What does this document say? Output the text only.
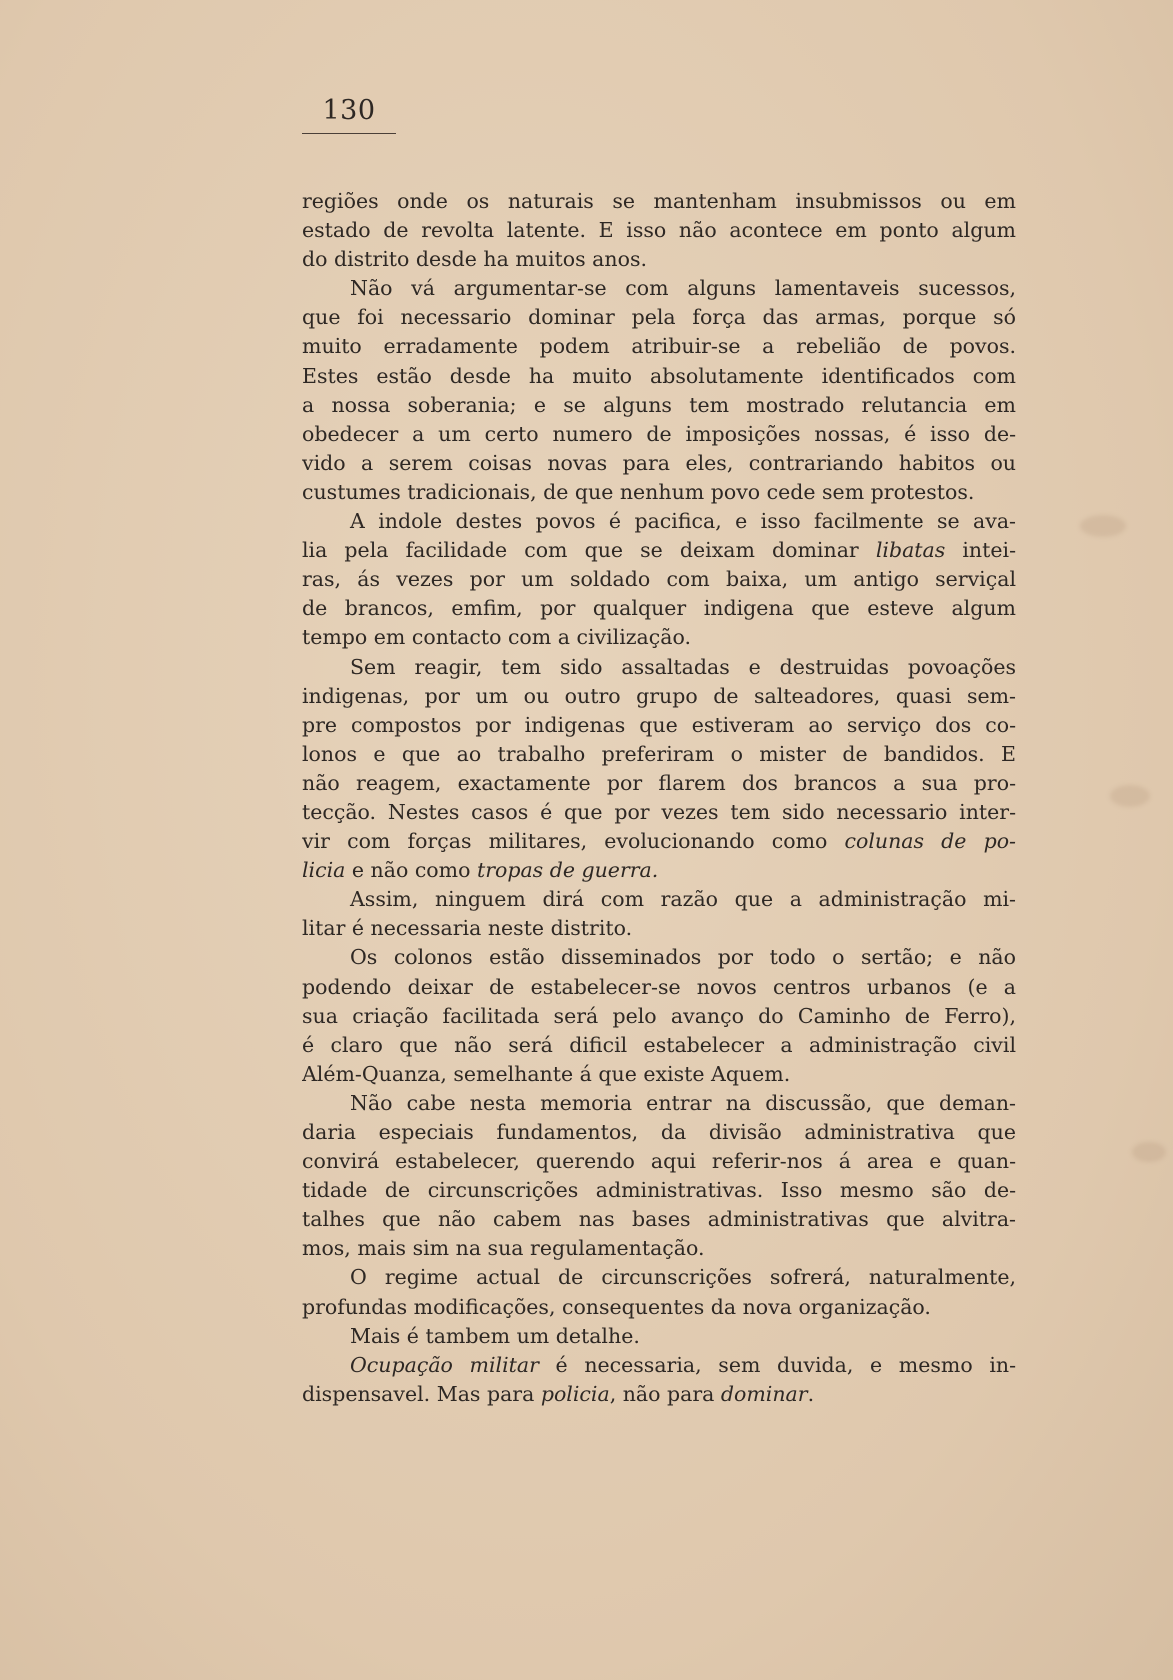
130
regiões onde os naturais se mantenham insubmissos ou em
estado de revolta latente. E isso não acontece em ponto algum
do distrito desde ha muitos anos.
Não vá argumentar-se com alguns lamentaveis sucessos,
que foi necessario dominar pela força das armas, porque só
muito erradamente podem atribuir-se a rebelião de povos.
Estes estão desde ha muito absolutamente identificados com
a nossa soberania; e se alguns tem mostrado relutancia em
obedecer a um certo numero de imposições nossas, é isso de-
vido a serem coisas novas para eles, contrariando habitos ou
custumes tradicionais, de que nenhum povo cede sem protestos.
A indole destes povos é pacifica, e isso facilmente se ava-
lia pela facilidade com que se deixam dominar libatas intei-
ras, ás vezes por um soldado com baixa, um antigo serviçal
de brancos, emfim, por qualquer indigena que esteve algum
tempo em contacto com a civilização.
Sem reagir, tem sido assaltadas e destruidas povoações
indigenas, por um ou outro grupo de salteadores, quasi sem-
pre compostos por indigenas que estiveram ao serviço dos co-
lonos e que ao trabalho preferiram o mister de bandidos. E
não reagem, exactamente por flarem dos brancos a sua pro-
tecção. Nestes casos é que por vezes tem sido necessario inter-
vir com forças militares, evolucionando como colunas de po-
licia e não como tropas de guerra.
Assim, ninguem dirá com razão que a administração mi-
litar é necessaria neste distrito.
Os colonos estão disseminados por todo o sertão; e não
podendo deixar de estabelecer-se novos centros urbanos (e a
sua criação facilitada será pelo avanço do Caminho de Ferro),
é claro que não será dificil estabelecer a administração civil
Além-Quanza, semelhante á que existe Aquem.
Não cabe nesta memoria entrar na discussão, que deman-
daria especiais fundamentos, da divisão administrativa que
convirá estabelecer, querendo aqui referir-nos á area e quan-
tidade de circunscrições administrativas. Isso mesmo são de-
talhes que não cabem nas bases administrativas que alvitra-
mos, mais sim na sua regulamentação.
O regime actual de circunscrições sofrerá, naturalmente,
profundas modificações, consequentes da nova organização.
Mais é tambem um detalhe.
Ocupação militar é necessaria, sem duvida, e mesmo in-
dispensavel. Mas para policia, não para dominar.
